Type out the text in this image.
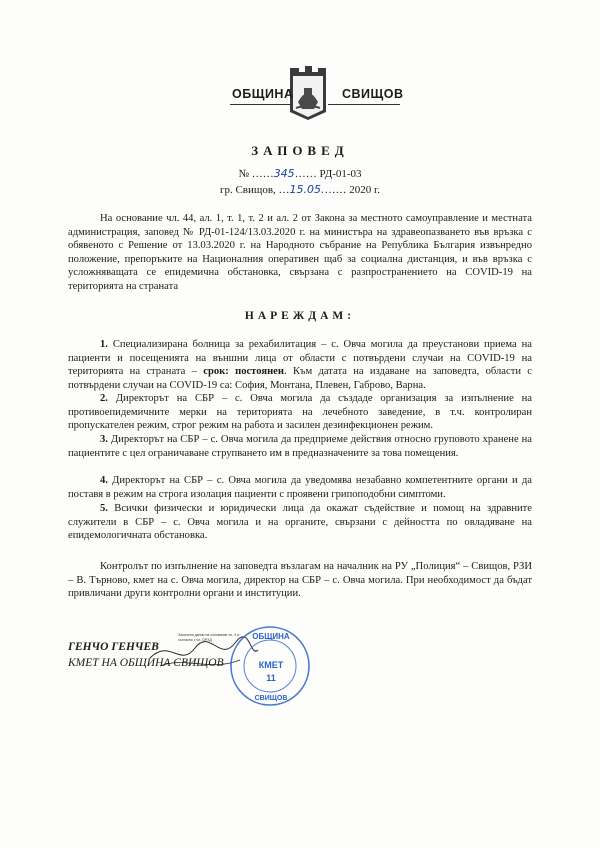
ОБЩИНА	СВИЩОВ
ЗАПОВЕД
№ ……345…… РД-01-03
гр. Свищов, …15.05.…… 2020 г.

На основание чл. 44, ал. 1, т. 1, т. 2 и ал. 2 от Закона за местното самоуправление и местната администрация, заповед № РД-01-124/13.03.2020 г. на министъра на здравеопазването във връзка с обявеното с Решение от 13.03.2020 г. на Народното събрание на Република България извънредно положение, препоръките на Националния оперативен щаб за социална дистанция, и във връзка с усложняващата се епидемична обстановка, свързана с разпространението на COVID-19 на територията на страната

НАРЕЖДАМ:

1. Специализирана болница за рехабилитация – с. Овча могила да преустанови приема на пациенти и посещенията на външни лица от области с потвърдени случаи на COVID-19 на територията на страната – срок: постоянен. Към датата на издаване на заповедта, области с потвърдени случаи на COVID-19 са: София, Монтана, Плевен, Габрово, Варна.

2. Директорът на СБР – с. Овча могила да създаде организация за изпълнение на противоепидемичните мерки на територията на лечебното заведение, в т.ч. контролиран пропускателен режим, строг режим на работа и засилен дезинфекционен режим.

3. Директорът на СБР – с. Овча могила да предприеме действия относно груповото хранене на пациентите с цел ограничаване струпването им в предназначените за това помещения.

4. Директорът на СБР – с. Овча могила да уведомява незабавно компетентните органи и да поставя в режим на строга изолация пациенти с проявени грипоподобни симптоми.

5. Всички физически и юридически лица да окажат съдействие и помощ на здравните служители в СБР – с. Овча могила и на органите, свързани с дейността по овладяване на епидемологичната обстановка.

Контролът по изпълнение на заповедта възлагам на началник на РУ „Полиция“ – Свищов, РЗИ – В. Търново, кмет на с. Овча могила, директор на СБР – с. Овча могила. При необходимост да бъдат привличани други контролни органи и институции.

ГЕНЧО ГЕНЧЕВ
КМЕТ НА ОБЩИНА СВИЩОВ
Заличени данни на основание чл. 4 и съгласно с чл. ОРЗД	ОБЩИНА
КМЕТ
11
СВИЩОВ
